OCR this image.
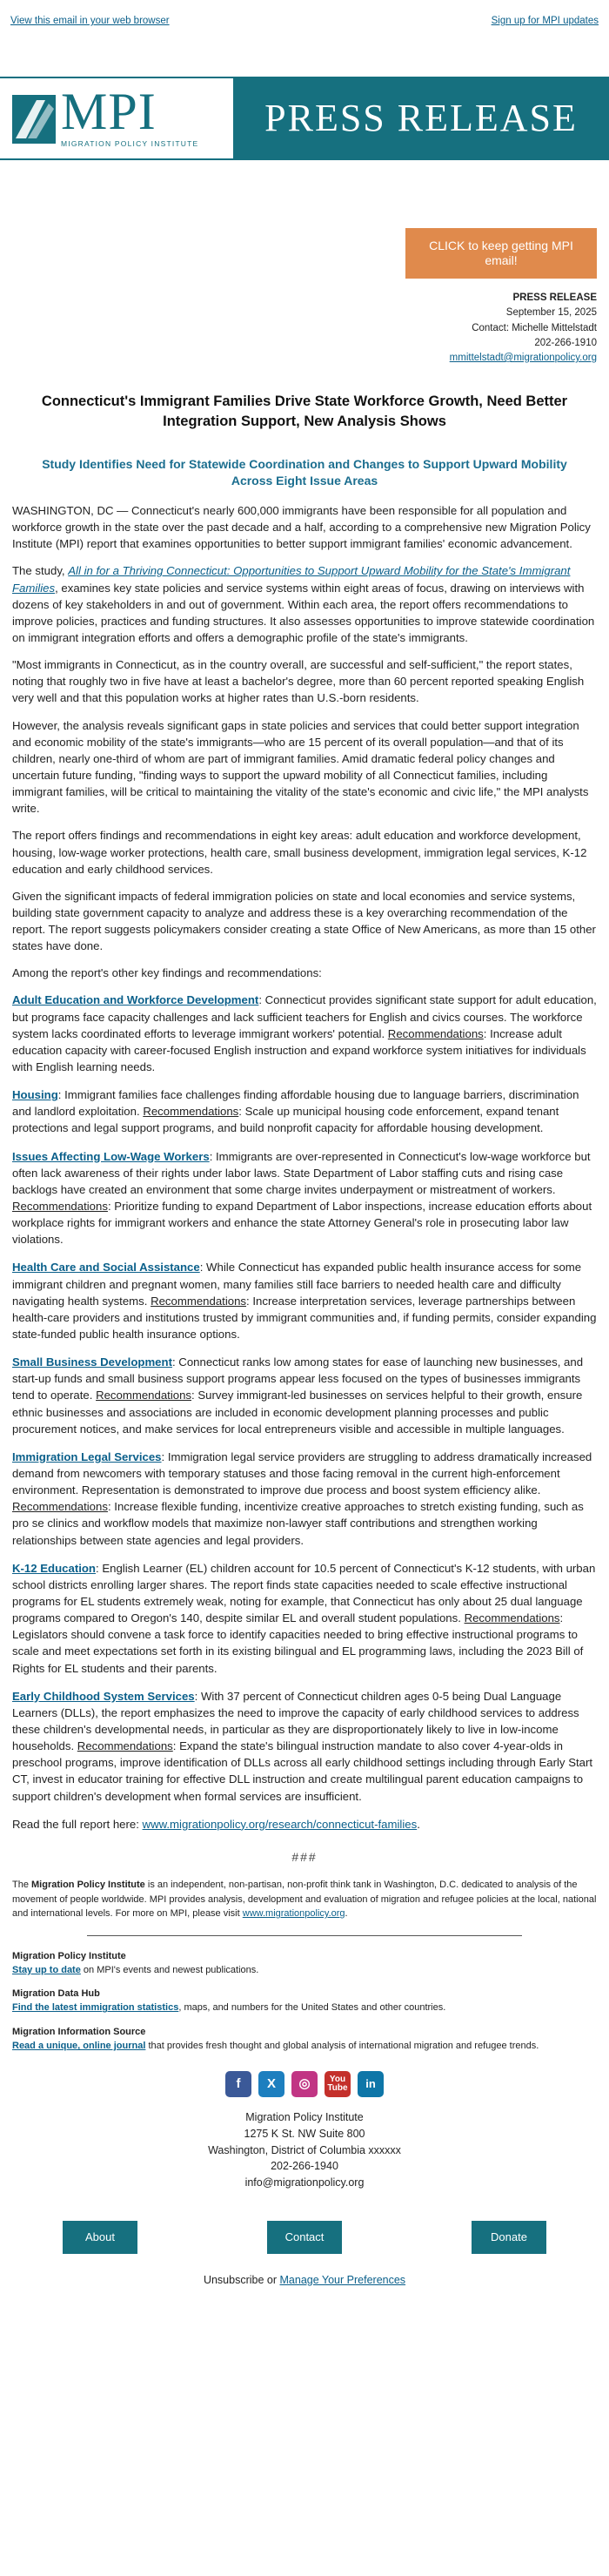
View this email in your web browser	Sign up for MPI updates
MPI
MIGRATION POLICY INSTITUTE
PRESS RELEASE
CLICK to keep getting MPI email!
PRESS RELEASE
September 15, 2025
Contact: Michelle Mittelstadt
202-266-1910
mmittelstadt@migrationpolicy.org
Connecticut's Immigrant Families Drive State Workforce Growth, Need Better Integration Support, New Analysis Shows
Study Identifies Need for Statewide Coordination and Changes to Support Upward Mobility Across Eight Issue Areas

WASHINGTON, DC — Connecticut's nearly 600,000 immigrants have been responsible for all population and workforce growth in the state over the past decade and a half, according to a comprehensive new Migration Policy Institute (MPI) report that examines opportunities to better support immigrant families' economic advancement.

The study, All in for a Thriving Connecticut: Opportunities to Support Upward Mobility for the State's Immigrant Families, examines key state policies and service systems within eight areas of focus, drawing on interviews with dozens of key stakeholders in and out of government. Within each area, the report offers recommendations to improve policies, practices and funding structures. It also assesses opportunities to improve statewide coordination on immigrant integration efforts and offers a demographic profile of the state's immigrants.

"Most immigrants in Connecticut, as in the country overall, are successful and self-sufficient," the report states, noting that roughly two in five have at least a bachelor's degree, more than 60 percent reported speaking English very well and that this population works at higher rates than U.S.-born residents.

However, the analysis reveals significant gaps in state policies and services that could better support integration and economic mobility of the state's immigrants—who are 15 percent of its overall population—and that of its children, nearly one-third of whom are part of immigrant families. Amid dramatic federal policy changes and uncertain future funding, "finding ways to support the upward mobility of all Connecticut families, including immigrant families, will be critical to maintaining the vitality of the state's economic and civic life," the MPI analysts write.

The report offers findings and recommendations in eight key areas: adult education and workforce development, housing, low-wage worker protections, health care, small business development, immigration legal services, K-12 education and early childhood services.

Given the significant impacts of federal immigration policies on state and local economies and service systems, building state government capacity to analyze and address these is a key overarching recommendation of the report. The report suggests policymakers consider creating a state Office of New Americans, as more than 15 other states have done.

Among the report's other key findings and recommendations:

Adult Education and Workforce Development: Connecticut provides significant state support for adult education, but programs face capacity challenges and lack sufficient teachers for English and civics courses. The workforce system lacks coordinated efforts to leverage immigrant workers' potential. Recommendations: Increase adult education capacity with career-focused English instruction and expand workforce system initiatives for individuals with English learning needs.

Housing: Immigrant families face challenges finding affordable housing due to language barriers, discrimination and landlord exploitation. Recommendations: Scale up municipal housing code enforcement, expand tenant protections and legal support programs, and build nonprofit capacity for affordable housing development.

Issues Affecting Low-Wage Workers: Immigrants are over-represented in Connecticut's low-wage workforce but often lack awareness of their rights under labor laws. State Department of Labor staffing cuts and rising case backlogs have created an environment that some charge invites underpayment or mistreatment of workers. Recommendations: Prioritize funding to expand Department of Labor inspections, increase education efforts about workplace rights for immigrant workers and enhance the state Attorney General's role in prosecuting labor law violations.

Health Care and Social Assistance: While Connecticut has expanded public health insurance access for some immigrant children and pregnant women, many families still face barriers to needed health care and difficulty navigating health systems. Recommendations: Increase interpretation services, leverage partnerships between health-care providers and institutions trusted by immigrant communities and, if funding permits, consider expanding state-funded public health insurance options.

Small Business Development: Connecticut ranks low among states for ease of launching new businesses, and start-up funds and small business support programs appear less focused on the types of businesses immigrants tend to operate. Recommendations: Survey immigrant-led businesses on services helpful to their growth, ensure ethnic businesses and associations are included in economic development planning processes and public procurement notices, and make services for local entrepreneurs visible and accessible in multiple languages.

Immigration Legal Services: Immigration legal service providers are struggling to address dramatically increased demand from newcomers with temporary statuses and those facing removal in the current high-enforcement environment. Representation is demonstrated to improve due process and boost system efficiency alike. Recommendations: Increase flexible funding, incentivize creative approaches to stretch existing funding, such as pro se clinics and workflow models that maximize non-lawyer staff contributions and strengthen working relationships between state agencies and legal providers.

K-12 Education: English Learner (EL) children account for 10.5 percent of Connecticut's K-12 students, with urban school districts enrolling larger shares. The report finds state capacities needed to scale effective instructional programs for EL students extremely weak, noting for example, that Connecticut has only about 25 dual language programs compared to Oregon's 140, despite similar EL and overall student populations. Recommendations: Legislators should convene a task force to identify capacities needed to bring effective instructional programs to scale and meet expectations set forth in its existing bilingual and EL programming laws, including the 2023 Bill of Rights for EL students and their parents.

Early Childhood System Services: With 37 percent of Connecticut children ages 0-5 being Dual Language Learners (DLLs), the report emphasizes the need to improve the capacity of early childhood services to address these children's developmental needs, in particular as they are disproportionately likely to live in low-income households. Recommendations: Expand the state's bilingual instruction mandate to also cover 4-year-olds in preschool programs, improve identification of DLLs across all early childhood settings including through Early Start CT, invest in educator training for effective DLL instruction and create multilingual parent education campaigns to support children's development when formal services are insufficient.

Read the full report here: www.migrationpolicy.org/research/connecticut-families.

###
The Migration Policy Institute is an independent, non-partisan, non-profit think tank in Washington, D.C. dedicated to analysis of the movement of people worldwide. MPI provides analysis, development and evaluation of migration and refugee policies at the local, national and international levels. For more on MPI, please visit www.migrationpolicy.org.
Migration Policy Institute
Stay up to date on MPI's events and newest publications.
Migration Data Hub
Find the latest immigration statistics, maps, and numbers for the United States and other countries.
Migration Information Source
Read a unique, online journal that provides fresh thought and global analysis of international migration and refugee trends.
f	X	◎	You Tube	in
Migration Policy Institute
1275 K St. NW Suite 800
Washington, District of Columbia xxxxxx
202-266-1940
info@migrationpolicy.org
About	Contact	Donate
Unsubscribe or Manage Your Preferences
